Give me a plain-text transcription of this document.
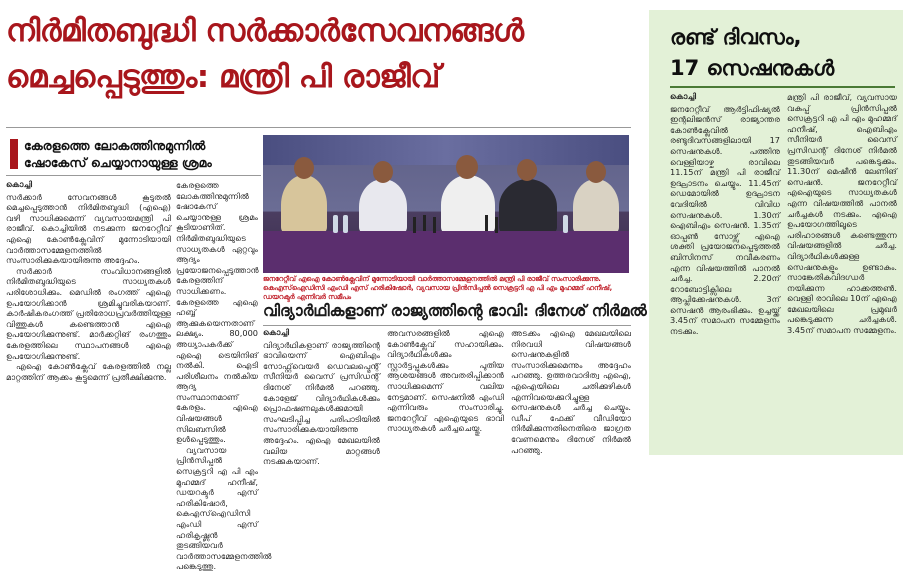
നിർമിതബുദ്ധി സർക്കാർസേവനങ്ങൾ
മെച്ചപ്പെടുത്തും: മന്ത്രി പി രാജീവ്
കേരളത്തെ ലോകത്തിനുമുന്നിൽ ഷോകേസ് ചെയ്യാനായുള്ള ശ്രമം
കൊച്ചി

സർക്കാർ സേവനങ്ങൾ കൂടുതൽ മെച്ചപ്പെടുത്താൻ നിർമിതബുദ്ധി (എഐ) വഴി സാധിക്കുമെന്ന് വ്യവസായമന്ത്രി പി രാജീവ്. കൊച്ചിയിൽ നടക്കുന്ന ജനറേറ്റീവ് എഐ കോൺക്ലേവിന് മുന്നോടിയായി വാർത്താസമ്മേളനത്തിൽ സംസാരിക്കുകയായിരുന്നു അദ്ദേഹം.

സർക്കാർ സംവിധാനങ്ങളിൽ നിർമിതബുദ്ധിയുടെ സാധ്യതകൾ പരിശോധിക്കും. മെഡിൽ രംഗത്ത് എഐ ഉപയോഗിക്കാൻ ശ്രമിച്ചുവരികയാണ്. കാർഷികരംഗത്ത് പ്രതിരോധപ്രവർത്തിയുള്ള വിത്തുകൾ കണ്ടെത്താൻ എഐ ഉപയോഗിക്കുന്നുണ്ട്. മാർക്കറ്റിങ് രംഗത്തും കേരളത്തിലെ സ്ഥാപനങ്ങൾ എഐ ഉപയോഗിക്കുന്നുണ്ട്.

എഐ കോൺക്ലേവ് കേരളത്തിൽ നല്ല മാറ്റത്തിന് ആക്കം കൂട്ടുമെന്ന് പ്രതീക്ഷിക്കുന്നു.

ജനറേറ്റീവ് എഐ കോൺക്ലേവിന് മുന്നോടിയായി വാർത്താസമ്മേളനത്തിൽ മന്ത്രി പി രാജീവ് സംസാരിക്കുന്നു. കെഎസ്ഐഡിസി എംഡി എസ് ഹരികിഷോർ, വ്യവസായ പ്രിൻസിപ്പൽ സെക്രട്ടറി എ പി എം മുഹമ്മദ് ഹനീഷ്, ഡയറക്ടർ എന്നിവർ സമീപം
വിദ്യാർഥികളാണ് രാജ്യത്തിന്റെ ഭാവി: ദിനേശ് നിർമൽ
കൊച്ചി

വിദ്യാർഥികളാണ് രാജ്യത്തിന്റെ ഭാവിയെന്ന് ഐബിഎം സോഫ്റ്റ്‌വെയർ ഡെവലപ്മെന്റ് സീനിയർ വൈസ് പ്രസിഡന്റ് ദിനേശ് നിർമൽ പറഞ്ഞു. കോളേജ് വിദ്യാർഥികൾക്കും പ്രൊഫഷണലുകൾക്കുമായി സംഘടിപ്പിച്ച പരിപാടിയിൽ സംസാരിക്കുകയായിരുന്നു അദ്ദേഹം. എഐ മേഖലയിൽ വലിയ മാറ്റങ്ങൾ നടക്കുകയാണ്.

അവസരങ്ങളിൽ എഐ കോൺക്ലേവ് സഹായിക്കും. വിദ്യാർഥികൾക്കും സ്റ്റാർട്ടപ്പുകൾക്കും പുതിയ ആശയങ്ങൾ അവതരിപ്പിക്കാൻ സാധിക്കുമെന്ന് വലിയ നേട്ടമാണ്. സെഷനിൽ എംഡി എന്നിവരും സംസാരിച്ചു. ജനറേറ്റീവ് എഐയുടെ ഭാവി സാധ്യതകൾ ചർച്ചചെയ്തു.

അടക്കം എഐ മേഖലയിലെ നിരവധി വിഷയങ്ങൾ സെഷനുകളിൽ സംസാരിക്കുമെന്നും അദ്ദേഹം പറഞ്ഞു. ഉത്തരവാദിത്വ എഐ, എഐയിലെ ചതിക്കുഴികൾ എന്നിവയെക്കുറിച്ചുള്ള സെഷനുകൾ ചർച്ച ചെയ്യും. ഡീപ് ഫേക്ക് വീഡിയോ നിർമിക്കുന്നതിനെതിരെ ജാഗ്രത വേണമെന്നും ദിനേശ് നിർമൽ പറഞ്ഞു.

രണ്ട് ദിവസം,
17 സെഷനുകൾ
കൊച്ചി

ജനറേറ്റീവ് ആർട്ടിഫിഷ്യൽ ഇന്റലിജൻസ് രാജ്യാന്തര കോൺക്ലേവിൽ രണ്ടുദിവസങ്ങളിലായി 17 സെഷനുകൾ. പത്തിനു വെള്ളിയാഴ്ച രാവിലെ 11.15ന് മന്ത്രി പി രാജീവ് ഉദ്ഘാടനം ചെയ്യും. 11.45ന് ഡെമോയിൽ ഉദ്ഘാടന വേദിയിൽ വിവിധ സെഷനുകൾ. 1.30ന് ഐബിഎം സെഷൻ. 1.35ന് ഓപ്പൺ സോഴ്സ് എഐ ശക്തി പ്രയോജനപ്പെടുത്തൽ ബിസിനസ് നവീകരണം എന്ന വിഷയത്തിൽ പാനൽ ചർച്ച. 2.20ന് റോബോട്ടിക്സിലെ ആപ്ലിക്കേഷനുകൾ. 3ന് സെഷൻ ആരംഭിക്കും. ഉച്ചയ്ക്ക് 3.45ന് സമാപന സമ്മേളനം നടക്കും.

മന്ത്രി പി രാജീവ്, വ്യവസായ വകുപ്പ് പ്രിൻസിപ്പൽ സെക്രട്ടറി എ പി എം മുഹമ്മദ് ഹനീഷ്, ഐബിഎം സീനിയർ വൈസ് പ്രസിഡന്റ് ദിനേശ് നിർമൽ തുടങ്ങിയവർ പങ്കെടുക്കും. 11.30ന് മെഷീൻ ലേണിങ് സെഷൻ. ജനറേറ്റീവ് എഐയുടെ സാധ്യതകൾ എന്ന വിഷയത്തിൽ പാനൽ ചർച്ചകൾ നടക്കും. എഐ ഉപയോഗത്തിലൂടെ പരിഹാരങ്ങൾ കണ്ടെത്തുന്ന വിഷയങ്ങളിൽ ചർച്ച. വിദ്യാർഥികൾക്കുള്ള സെഷനുകളും ഉണ്ടാകും. സാങ്കേതികവിദഗ്ധർ നയിക്കുന്ന ഹാക്കത്തൺ. വെള്ളി രാവിലെ 10ന് എഐ മേഖലയിലെ പ്രമുഖർ പങ്കെടുക്കുന്ന ചർച്ചകൾ. 3.45ന് സമാപന സമ്മേളനം.

കേരളത്തെ ലോകത്തിനുമുന്നിൽ ഷോകേസ് ചെയ്യാനുള്ള ശ്രമം കൂടിയാണിത്. നിർമിതബുദ്ധിയുടെ സാധ്യതകൾ ഏറ്റവും ആദ്യം പ്രയോജനപ്പെടുത്താൻ കേരളത്തിന് സാധിക്കണം. കേരളത്തെ എഐ ഹബ്ബ് ആക്കുകയെന്നതാണ് ലക്ഷ്യം. 80,000 അധ്യാപകർക്ക് എഐ ട്രെയിനിങ് നൽകി. ഐടി പരിശീലനം നൽകിയ ആദ്യ സംസ്ഥാനമാണ് കേരളം. എഐ വിഷയങ്ങൾ സിലബസിൽ ഉൾപ്പെടുത്തും.

വ്യവസായ പ്രിൻസിപ്പൽ സെക്രട്ടറി എ പി എം മുഹമ്മദ് ഹനീഷ്, ഡയറക്ടർ എസ് ഹരികിഷോർ, കെഎസ്ഐഡിസി എംഡി എസ് ഹരികൃഷ്ണൻ തുടങ്ങിയവർ വാർത്താസമ്മേളനത്തിൽ പങ്കെടുത്തു.
